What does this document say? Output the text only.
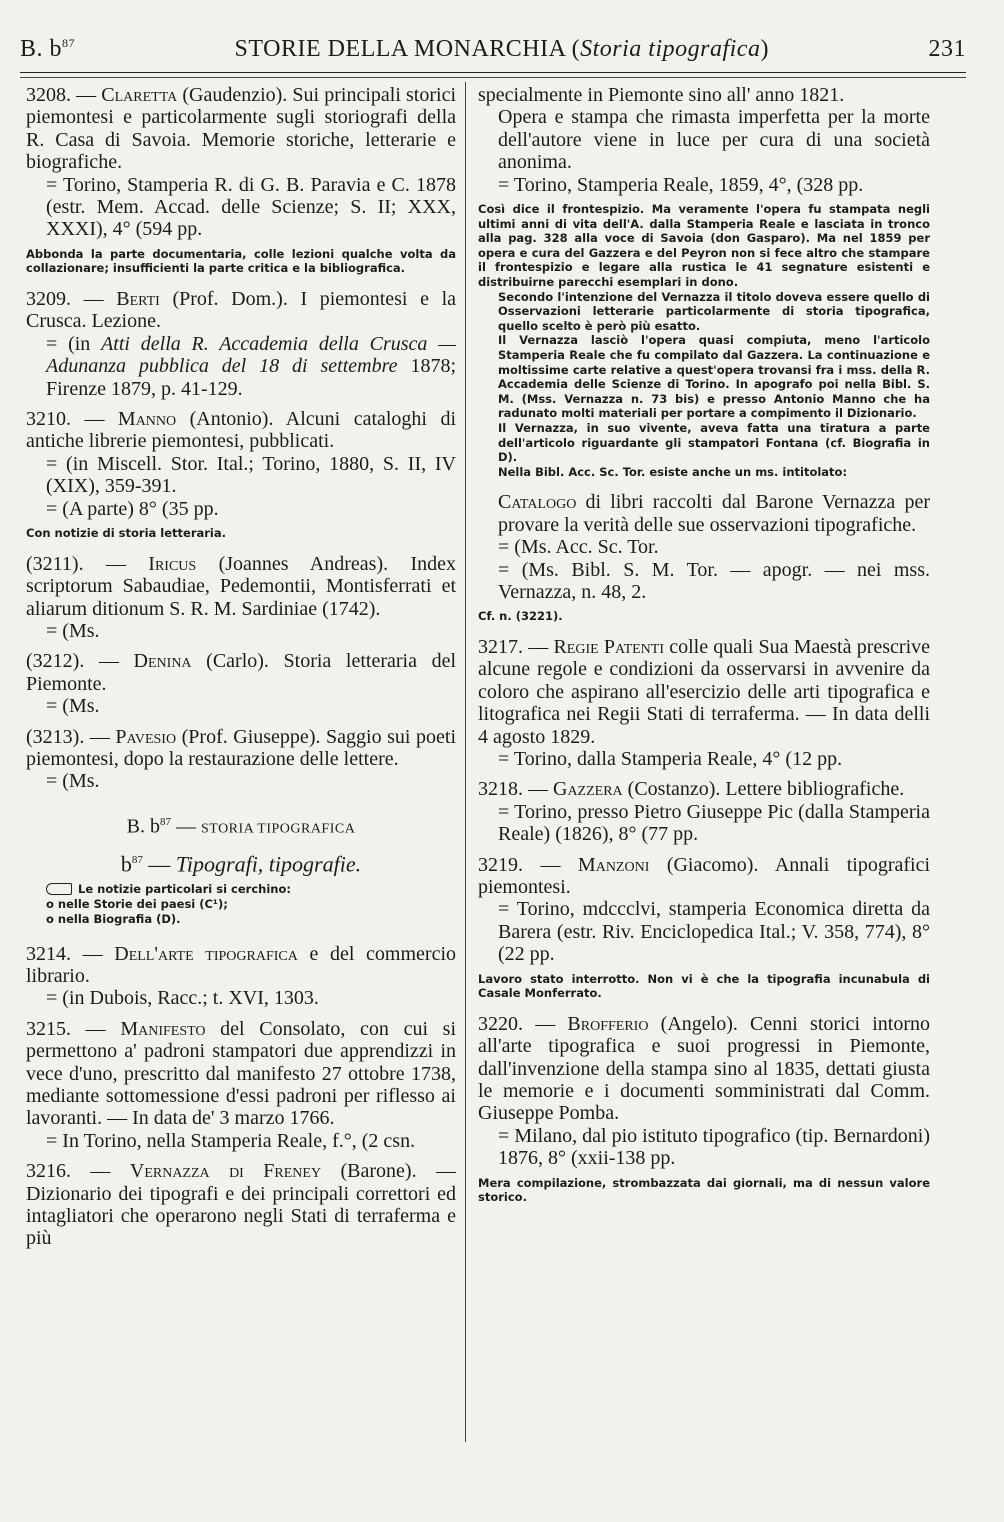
B. $b^{87}$	STORIE DELLA MONARCHIA (Storia tipografica)	231

3208. — Claretta (Gaudenzio). Sui principali storici piemontesi e particolarmente sugli storiografi della R. Casa di Savoia. Memorie storiche, letterarie e biografiche.

= Torino, Stamperia R. di G. B. Paravia e C. 1878 (estr. Mem. Accad. delle Scienze; S. II; XXX, XXXI), 4° (594 pp.

Abbonda la parte documentaria, colle lezioni qualche volta da collazionare; insufficienti la parte critica e la bibliografica.

3209. — Berti (Prof. Dom.). I piemontesi e la Crusca. Lezione.

= (in Atti della R. Accademia della Crusca — Adunanza pubblica del 18 di settembre 1878; Firenze 1879, p. 41-129.

3210. — Manno (Antonio). Alcuni cataloghi di antiche librerie piemontesi, pubblicati.

= (in Miscell. Stor. Ital.; Torino, 1880, S. II, IV (XIX), 359-391.

= (A parte) 8° (35 pp.

Con notizie di storia letteraria.

(3211). — Iricus (Joannes Andreas). Index scriptorum Sabaudiae, Pedemontii, Montisferrati et aliarum ditionum S. R. M. Sardiniae (1742).

= (Ms.

(3212). — Denina (Carlo). Storia letteraria del Piemonte.

= (Ms.

(3213). — Pavesio (Prof. Giuseppe). Saggio sui poeti piemontesi, dopo la restaurazione delle lettere.

= (Ms.

B. $b^{87}$ — STORIA TIPOGRAFICA
$b^{87}$ — Tipografi, tipografie.
Le notizie particolari si cerchino:
o nelle Storie dei paesi (C¹);
o nella Biografia (D).

3214. — Dell'arte tipografica e del commercio librario.

= (in Dubois, Racc.; t. XVI, 1303.

3215. — Manifesto del Consolato, con cui si permettono a' padroni stampatori due apprendizzi in vece d'uno, prescritto dal manifesto 27 ottobre 1738, mediante sottomessione d'essi padroni per riflesso ai lavoranti. — In data de' 3 marzo 1766.

= In Torino, nella Stamperia Reale, f.°, (2 csn.

3216. — Vernazza di Freney (Barone). — Dizionario dei tipografi e dei principali correttori ed intagliatori che operarono negli Stati di terraferma e più

specialmente in Piemonte sino all' anno 1821.

Opera e stampa che rimasta imperfetta per la morte dell'autore viene in luce per cura di una società anonima.

= Torino, Stamperia Reale, 1859, 4°, (328 pp.

Così dice il frontespizio. Ma veramente l'opera fu stampata negli ultimi anni di vita dell'A. dalla Stamperia Reale e lasciata in tronco alla pag. 328 alla voce di Savoia (don Gasparo). Ma nel 1859 per opera e cura del Gazzera e del Peyron non si fece altro che stampare il frontespizio e legare alla rustica le 41 segnature esistenti e distribuirne parecchi esemplari in dono.
Secondo l'intenzione del Vernazza il titolo doveva essere quello di Osservazioni letterarie particolarmente di storia tipografica, quello scelto è però più esatto.
Il Vernazza lasciò l'opera quasi compiuta, meno l'articolo Stamperia Reale che fu compilato dal Gazzera. La continuazione e moltissime carte relative a quest'opera trovansi fra i mss. della R. Accademia delle Scienze di Torino. In apografo poi nella Bibl. S. M. (Mss. Vernazza n. 73 bis) e presso Antonio Manno che ha radunato molti materiali per portare a compimento il Dizionario.
Il Vernazza, in suo vivente, aveva fatta una tiratura a parte dell'articolo riguardante gli stampatori Fontana (cf. Biografia in D).
Nella Bibl. Acc. Sc. Tor. esiste anche un ms. intitolato:

Catalogo di libri raccolti dal Barone Vernazza per provare la verità delle sue osservazioni tipografiche.

= (Ms. Acc. Sc. Tor.

= (Ms. Bibl. S. M. Tor. — apogr. — nei mss. Vernazza, n. 48, 2.

Cf. n. (3221).

3217. — Regie Patenti colle quali Sua Maestà prescrive alcune regole e condizioni da osservarsi in avvenire da coloro che aspirano all'esercizio delle arti tipografica e litografica nei Regii Stati di terraferma. — In data delli 4 agosto 1829.

= Torino, dalla Stamperia Reale, 4° (12 pp.

3218. — Gazzera (Costanzo). Lettere bibliografiche.

= Torino, presso Pietro Giuseppe Pic (dalla Stamperia Reale) (1826), 8° (77 pp.

3219. — Manzoni (Giacomo). Annali tipografici piemontesi.

= Torino, mdccclvi, stamperia Economica diretta da Barera (estr. Riv. Enciclopedica Ital.; V. 358, 774), 8° (22 pp.

Lavoro stato interrotto. Non vi è che la tipografia incunabula di Casale Monferrato.

3220. — Brofferio (Angelo). Cenni storici intorno all'arte tipografica e suoi progressi in Piemonte, dall'invenzione della stampa sino al 1835, dettati giusta le memorie e i documenti somministrati dal Comm. Giuseppe Pomba.

= Milano, dal pio istituto tipografico (tip. Bernardoni) 1876, 8° (xxii-138 pp.

Mera compilazione, strombazzata dai giornali, ma di nessun valore storico.
